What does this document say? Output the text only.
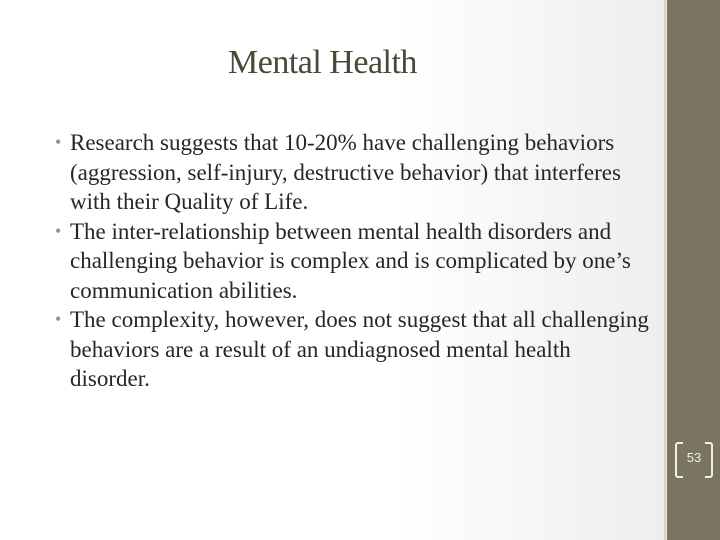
Mental Health
• Research suggests that 10-20% have challenging behaviors (aggression, self-injury, destructive behavior) that interferes with their Quality of Life.
• The inter-relationship between mental health disorders and challenging behavior is complex and is complicated by one’s communication abilities.
• The complexity, however, does not suggest that all challenging behaviors are a result of an undiagnosed mental health disorder.
53
